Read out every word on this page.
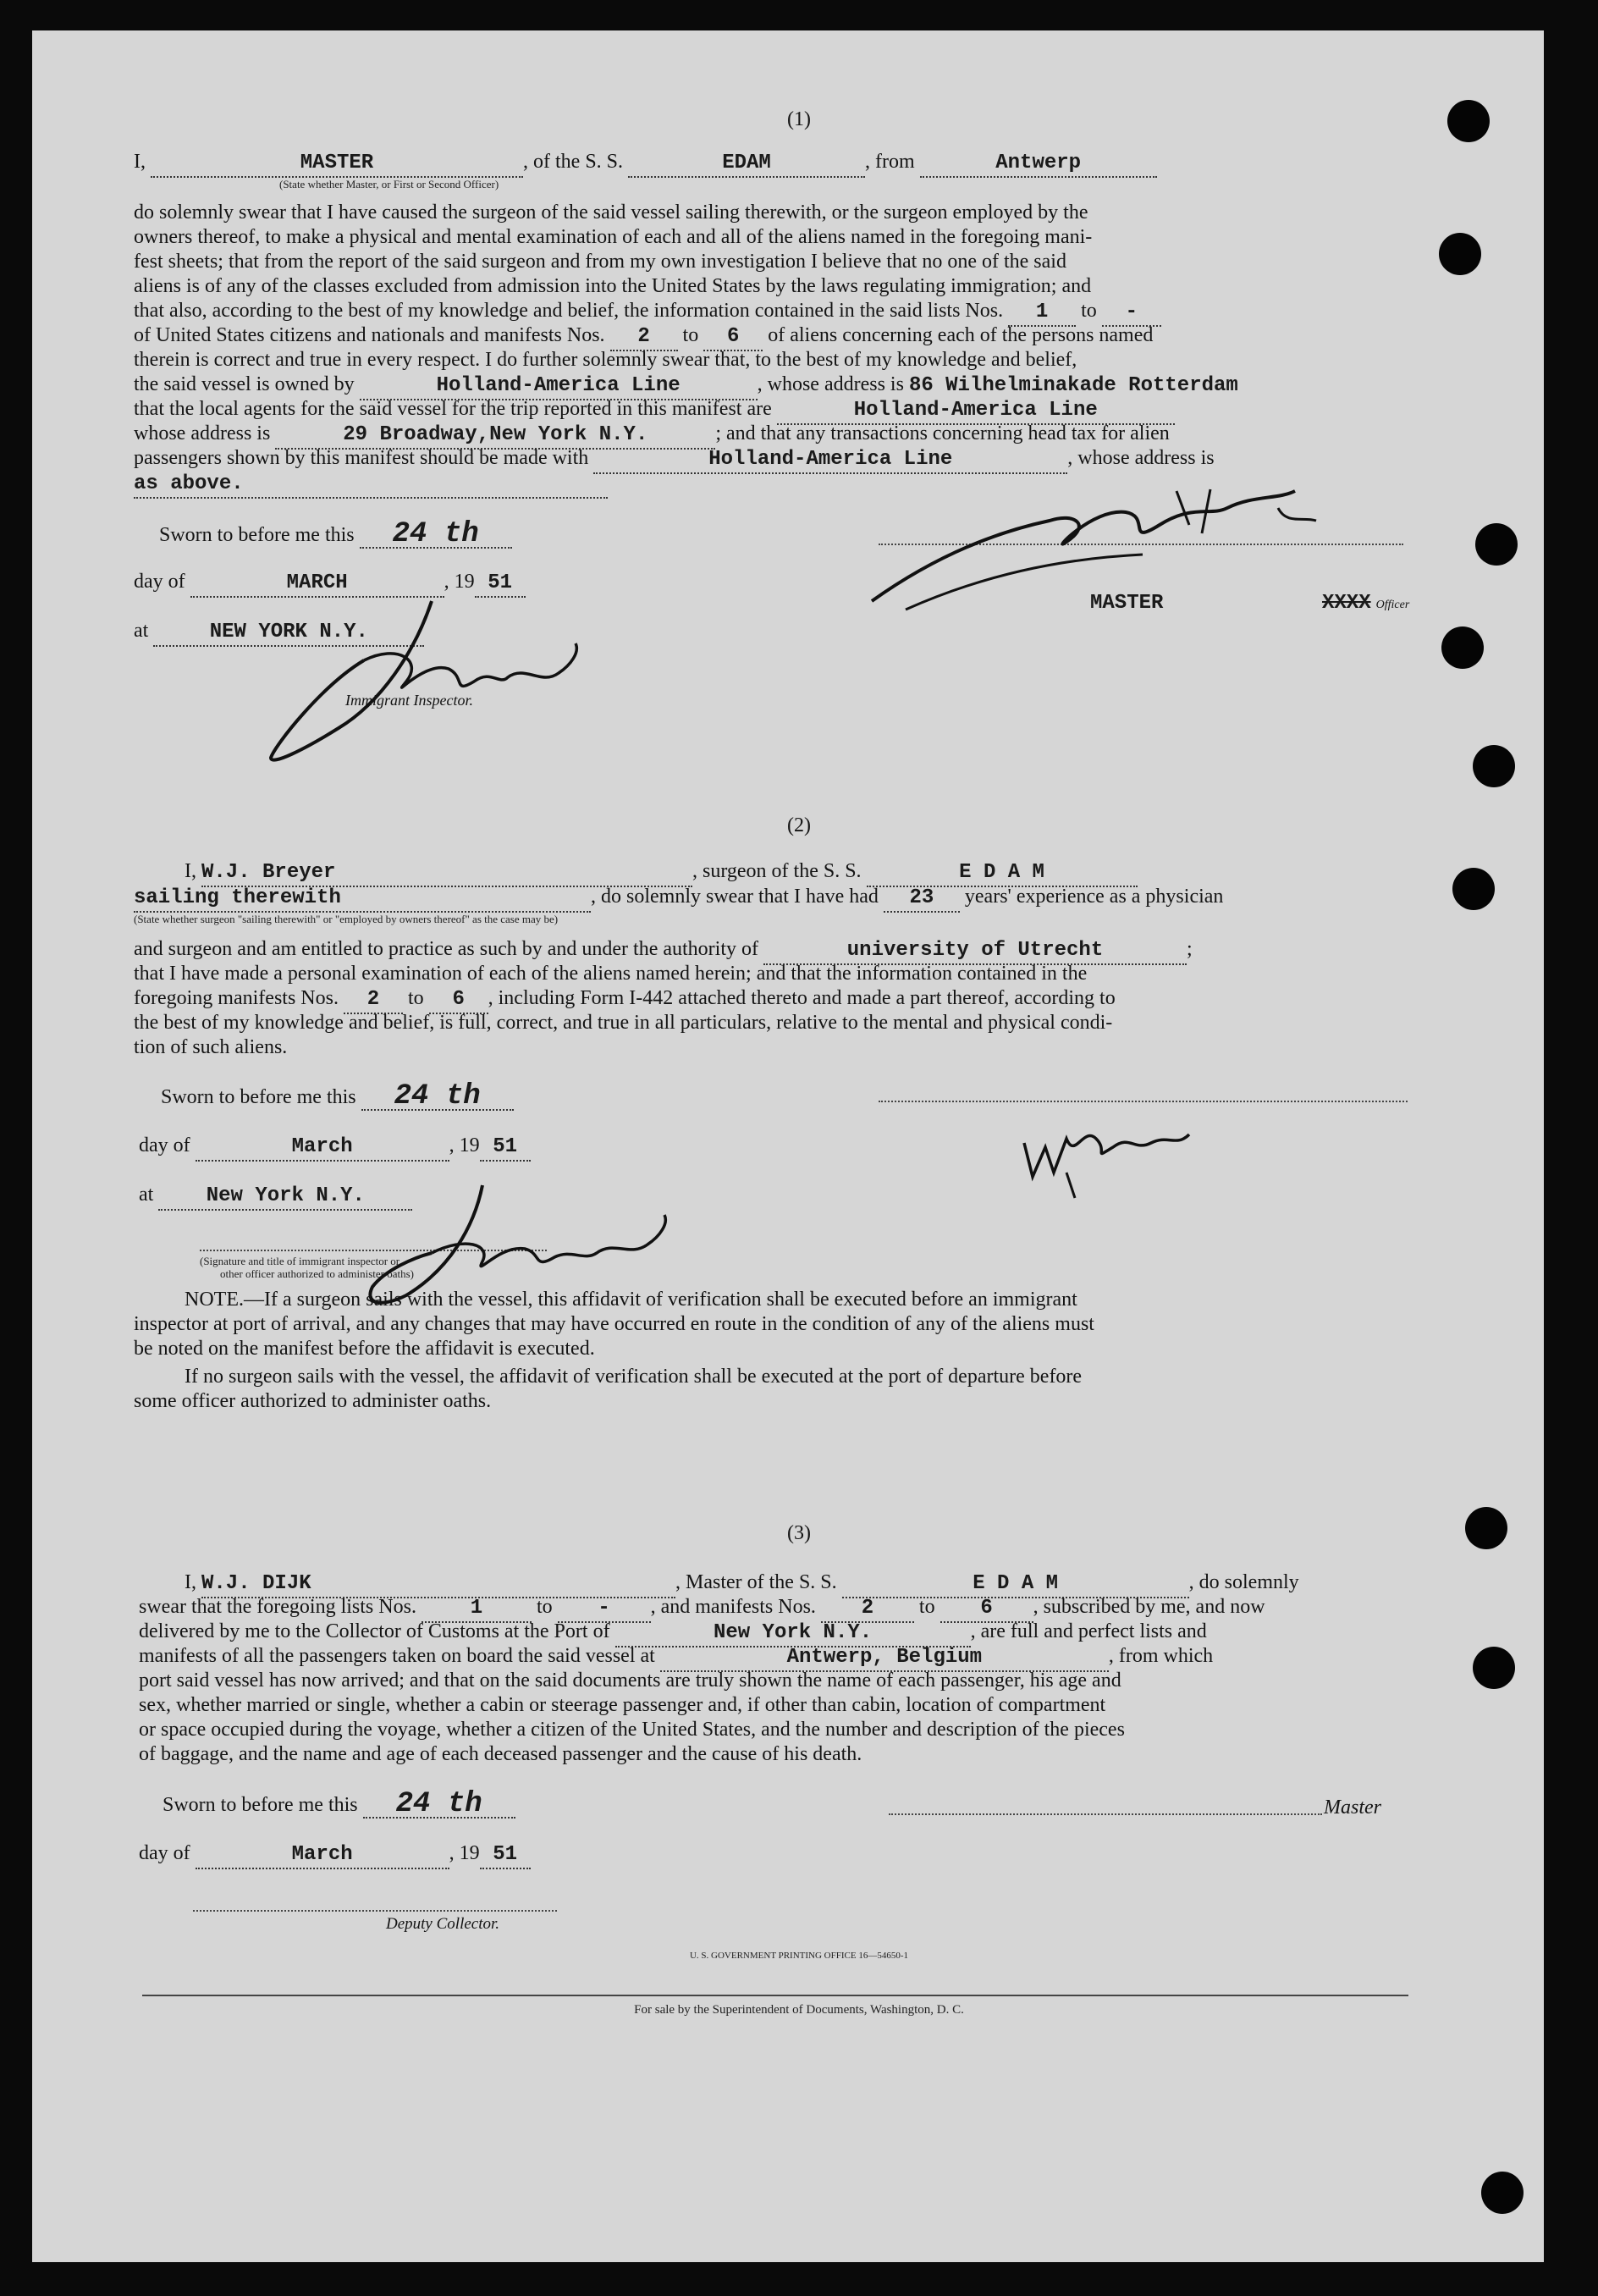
(1)
I,	MASTER	, of the S. S.	EDAM	, from	Antwerp
(State whether Master, or First or Second Officer)
do solemnly swear that I have caused the surgeon of the said vessel sailing therewith, or the surgeon employed by the
owners thereof, to make a physical and mental examination of each and all of the aliens named in the foregoing mani-
fest sheets; that from the report of the said surgeon and from my own investigation I believe that no one of the said
aliens is of any of the classes excluded from admission into the United States by the laws regulating immigration; and
that also, according to the best of my knowledge and belief, the information contained in the said lists Nos. 1 to -
of United States citizens and nationals and manifests Nos. 2 to 6 of aliens concerning each of the persons named
therein is correct and true in every respect. I do further solemnly swear that, to the best of my knowledge and belief,
the said vessel is owned by	Holland-America Line	, whose address is 86 Wilhelminakade Rotterdam
that the local agents for the said vessel for the trip reported in this manifest are	Holland-America Line
whose address is	29 Broadway,New York N.Y.	; and that any transactions concerning head tax for alien
passengers shown by this manifest should be made with	Holland-America Line	, whose address is
as above.
Sworn to before me this 24 th
day of	MARCH	, 19 51
at	NEW YORK N.Y.
Immigrant Inspector.
MASTER	XXXX Officer
(2)
I, W.J. Breyer	, surgeon of the S. S.	E D A M
sailing therewith	, do solemnly swear that I have had 23 years' experience as a physician
(State whether surgeon "sailing therewith" or "employed by owners thereof" as the case may be)
and surgeon and am entitled to practice as such by and under the authority of	university of Utrecht	;
that I have made a personal examination of each of the aliens named herein; and that the information contained in the
foregoing manifests Nos. 2 to 6 , including Form I-442 attached thereto and made a part thereof, according to
the best of my knowledge and belief, is full, correct, and true in all particulars, relative to the mental and physical condi-
tion of such aliens.
Sworn to before me this 24 th
day of	March	, 19 51
at	New York N.Y.
(Signature and title of immigrant inspector or
other officer authorized to administer oaths)
NOTE.—If a surgeon sails with the vessel, this affidavit of verification shall be executed before an immigrant
inspector at port of arrival, and any changes that may have occurred en route in the condition of any of the aliens must
be noted on the manifest before the affidavit is executed.
If no surgeon sails with the vessel, the affidavit of verification shall be executed at the port of departure before
some officer authorized to administer oaths.
(3)
I, W.J. DIJK	, Master of the S. S.	E D A M	, do solemnly
swear that the foregoing lists Nos.	1	to - , and manifests Nos. 2 to 6 , subscribed by me, and now
delivered by me to the Collector of Customs at the Port of	New York N.Y.	, are full and perfect lists and
manifests of all the passengers taken on board the said vessel at	Antwerp, Belgium	, from which
port said vessel has now arrived; and that on the said documents are truly shown the name of each passenger, his age and
sex, whether married or single, whether a cabin or steerage passenger and, if other than cabin, location of compartment
or space occupied during the voyage, whether a citizen of the United States, and the number and description of the pieces
of baggage, and the name and age of each deceased passenger and the cause of his death.
Sworn to before me this 24 th	Master
day of	March	, 19 51
Deputy Collector.
U. S. GOVERNMENT PRINTING OFFICE 16—54650-1
For sale by the Superintendent of Documents, Washington, D. C.
